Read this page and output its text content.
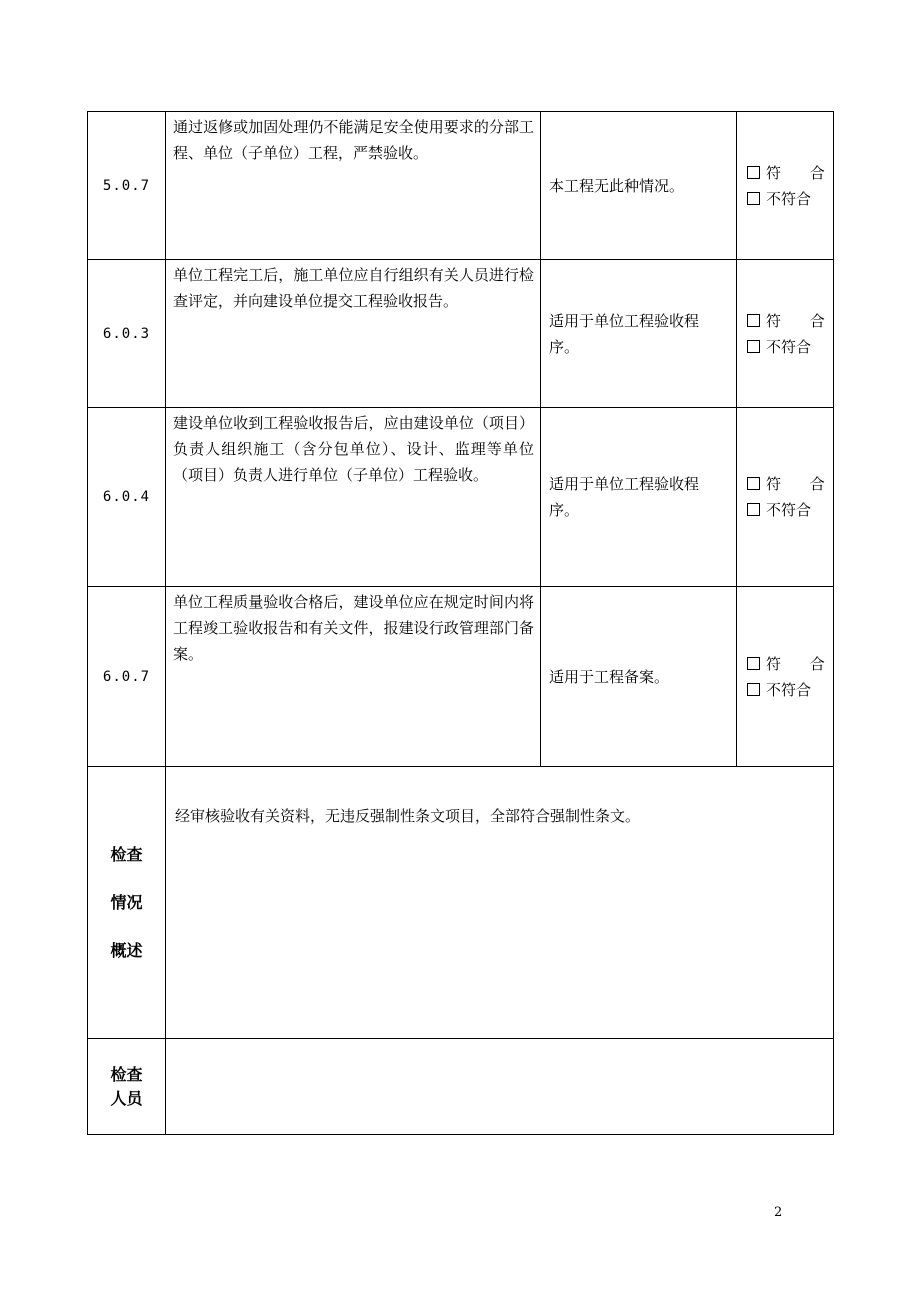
5.0.7	通过返修或加固处理仍不能满足安全使用要求的分部工程、单位（子单位）工程，严禁验收。	本工程无此种情况。	符 合
不符合

6.0.3	单位工程完工后，施工单位应自行组织有关人员进行检查评定，并向建设单位提交工程验收报告。	适用于单位工程验收程序。	符 合
不符合

6.0.4	建设单位收到工程验收报告后，应由建设单位（项目）负责人组织施工（含分包单位）、设计、监理等单位（项目）负责人进行单位（子单位）工程验收。	适用于单位工程验收程序。	符 合
不符合

6.0.7	单位工程质量验收合格后，建设单位应在规定时间内将工程竣工验收报告和有关文件，报建设行政管理部门备案。	适用于工程备案。	符 合
不符合

检查
情况
概述	经审核验收有关资料，无违反强制性条文项目，全部符合强制性条文。		

检查
人员			

2
